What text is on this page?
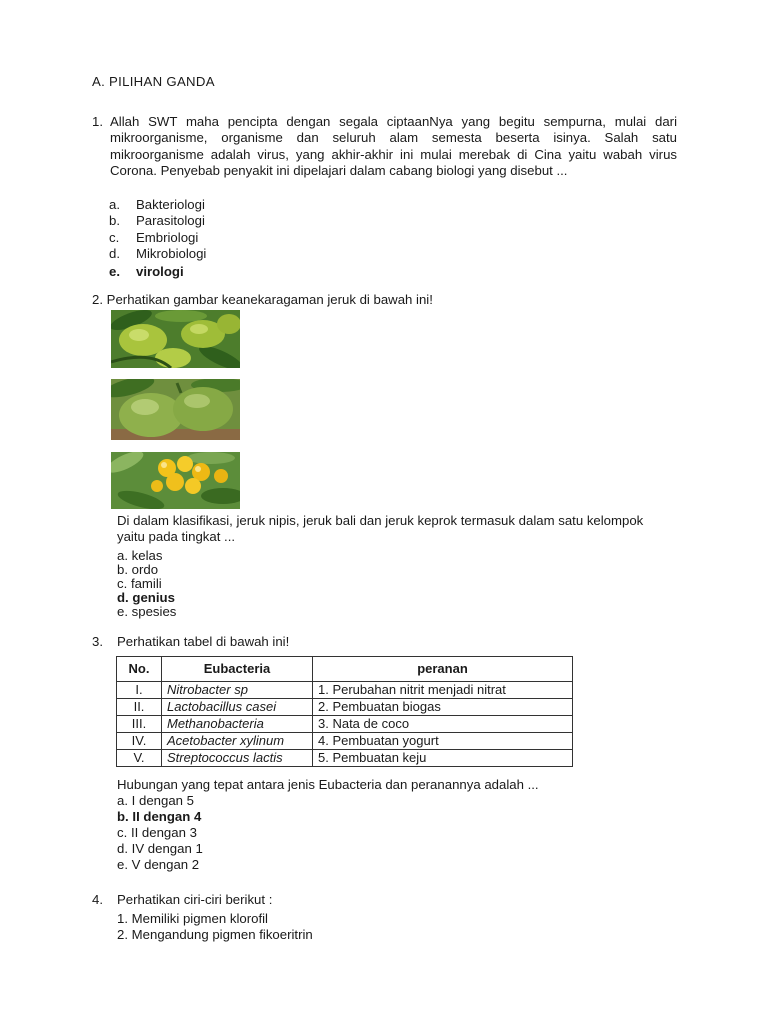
A. PILIHAN GANDA
1. Allah SWT maha pencipta dengan segala ciptaanNya yang begitu sempurna, mulai dari mikroorganisme, organisme dan seluruh alam semesta beserta isinya. Salah satu mikroorganisme adalah virus, yang akhir-akhir ini mulai merebak di Cina yaitu wabah virus Corona. Penyebab penyakit ini dipelajari dalam cabang biologi yang disebut ...
a. Bakteriologi
b. Parasitologi
c. Embriologi
d. Mikrobiologi
e. virologi
2. Perhatikan gambar keanekaragaman jeruk di bawah ini!
Di dalam klasifikasi, jeruk nipis, jeruk bali dan jeruk keprok termasuk dalam satu kelompok yaitu pada tingkat ...
a. kelas
b. ordo
c. famili
d. genius
e. spesies
3. Perhatikan tabel di bawah ini!
No.	Eubacteria	peranan
I.	Nitrobacter sp	1. Perubahan nitrit menjadi nitrat
II.	Lactobacillus casei	2. Pembuatan biogas
III.	Methanobacteria	3. Nata de coco
IV.	Acetobacter xylinum	4. Pembuatan yogurt
V.	Streptococcus lactis	5. Pembuatan keju
Hubungan yang tepat antara jenis Eubacteria dan peranannya adalah ...
a. I dengan 5
b. II dengan 4
c. II dengan 3
d. IV dengan 1
e. V dengan 2
4. Perhatikan ciri-ciri berikut :
1. Memiliki pigmen klorofil
2. Mengandung pigmen fikoeritrin
